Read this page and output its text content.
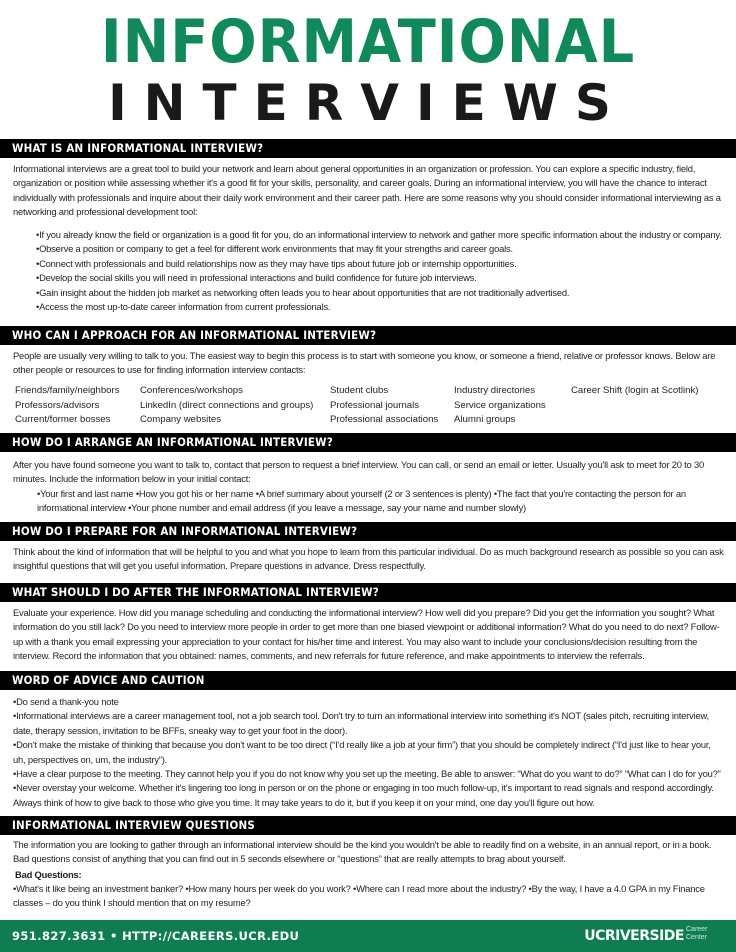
INFORMATIONAL
INTERVIEWS
WHAT IS AN INFORMATIONAL INTERVIEW?
Informational interviews are a great tool to build your network and learn about general opportunities in an organization or profession. You can explore a specific industry, field, organization or position while assessing whether it's a good fit for your skills, personality, and career goals. During an informational interview, you will have the chance to interact individually with professionals and inquire about their daily work environment and their career path. Here are some reasons why you should consider informational interviewing as a networking and professional development tool:
•If you already know the field or organization is a good fit for you, do an informational interview to network and gather more specific information about the industry or company.
•Observe a position or company to get a feel for different work environments that may fit your strengths and career goals.
•Connect with professionals and build relationships now as they may have tips about future job or internship opportunities.
•Develop the social skills you will need in professional interactions and build confidence for future job interviews.
•Gain insight about the hidden job market as networking often leads you to hear about opportunities that are not traditionally advertised.
•Access the most up-to-date career information from current professionals.
WHO CAN I APPROACH FOR AN INFORMATIONAL INTERVIEW?
People are usually very willing to talk to you. The easiest way to begin this process is to start with someone you know, or someone a friend, relative or professor knows. Below are other people or resources to use for finding information interview contacts:
Friends/family/neighbors
Professors/advisors
Current/former bosses
Conferences/workshops
LinkedIn (direct connections and groups)
Company websites
Student clubs
Professional journals
Professional associations
Industry directories
Service organizations
Alumni groups
Career Shift (login at Scotlink)
HOW DO I ARRANGE AN INFORMATIONAL INTERVIEW?
After you have found someone you want to talk to, contact that person to request a brief interview. You can call, or send an email or letter. Usually you'll ask to meet for 20 to 30 minutes. Include the information below in your initial contact:
•Your first and last name •How you got his or her name •A brief summary about yourself (2 or 3 sentences is plenty) •The fact that you're contacting the person for an
informational interview •Your phone number and email address (if you leave a message, say your name and number slowly)
HOW DO I PREPARE FOR AN INFORMATIONAL INTERVIEW?
Think about the kind of information that will be helpful to you and what you hope to learn from this particular individual. Do as much background research as possible so you can ask insightful questions that will get you useful information. Prepare questions in advance. Dress respectfully.
WHAT SHOULD I DO AFTER THE INFORMATIONAL INTERVIEW?
Evaluate your experience. How did you manage scheduling and conducting the informational interview? How well did you prepare? Did you get the information you sought? What information do you still lack? Do you need to interview more people in order to get more than one biased viewpoint or additional information? What do you need to do next? Follow-up with a thank you email expressing your appreciation to your contact for his/her time and interest. You may also want to include your conclusions/decision resulting from the interview. Record the information that you obtained: names, comments, and new referrals for future reference, and make appointments to interview the referrals.
WORD OF ADVICE AND CAUTION

•Do send a thank-you note

•Informational interviews are a career management tool, not a job search tool. Don't try to turn an informational interview into something it's NOT (sales pitch, recruiting interview, date, therapy session, invitation to be BFFs, sneaky way to get your foot in the door).

•Don't make the mistake of thinking that because you don't want to be too direct (“I'd really like a job at your firm”) that you should be completely indirect (“I'd just like to hear your, uh, perspectives on, um, the industry”).

•Have a clear purpose to the meeting. They cannot help you if you do not know why you set up the meeting. Be able to answer: “What do you want to do?” “What can I do for you?”

•Never overstay your welcome. Whether it's lingering too long in person or on the phone or engaging in too much follow-up, it's important to read signals and respond accordingly. Always think of how to give back to those who give you time. It may take years to do it, but if you keep it on your mind, one day you'll figure out how.

INFORMATIONAL INTERVIEW QUESTIONS
The information you are looking to gather through an informational interview should be the kind you wouldn't be able to readily find on a website, in an annual report, or in a book. Bad questions consist of anything that you can find out in 5 seconds elsewhere or “questions” that are really attempts to brag about yourself.
Bad Questions:
•What's it like being an investment banker? •How many hours per week do you work? •Where can I read more about the industry? •By the way, I have a 4.0 GPA in my Finance classes – do you think I should mention that on my resume?
951.827.3631 • HTTP://CAREERS.UCR.EDU	UCRIVERSIDE Career
Center
